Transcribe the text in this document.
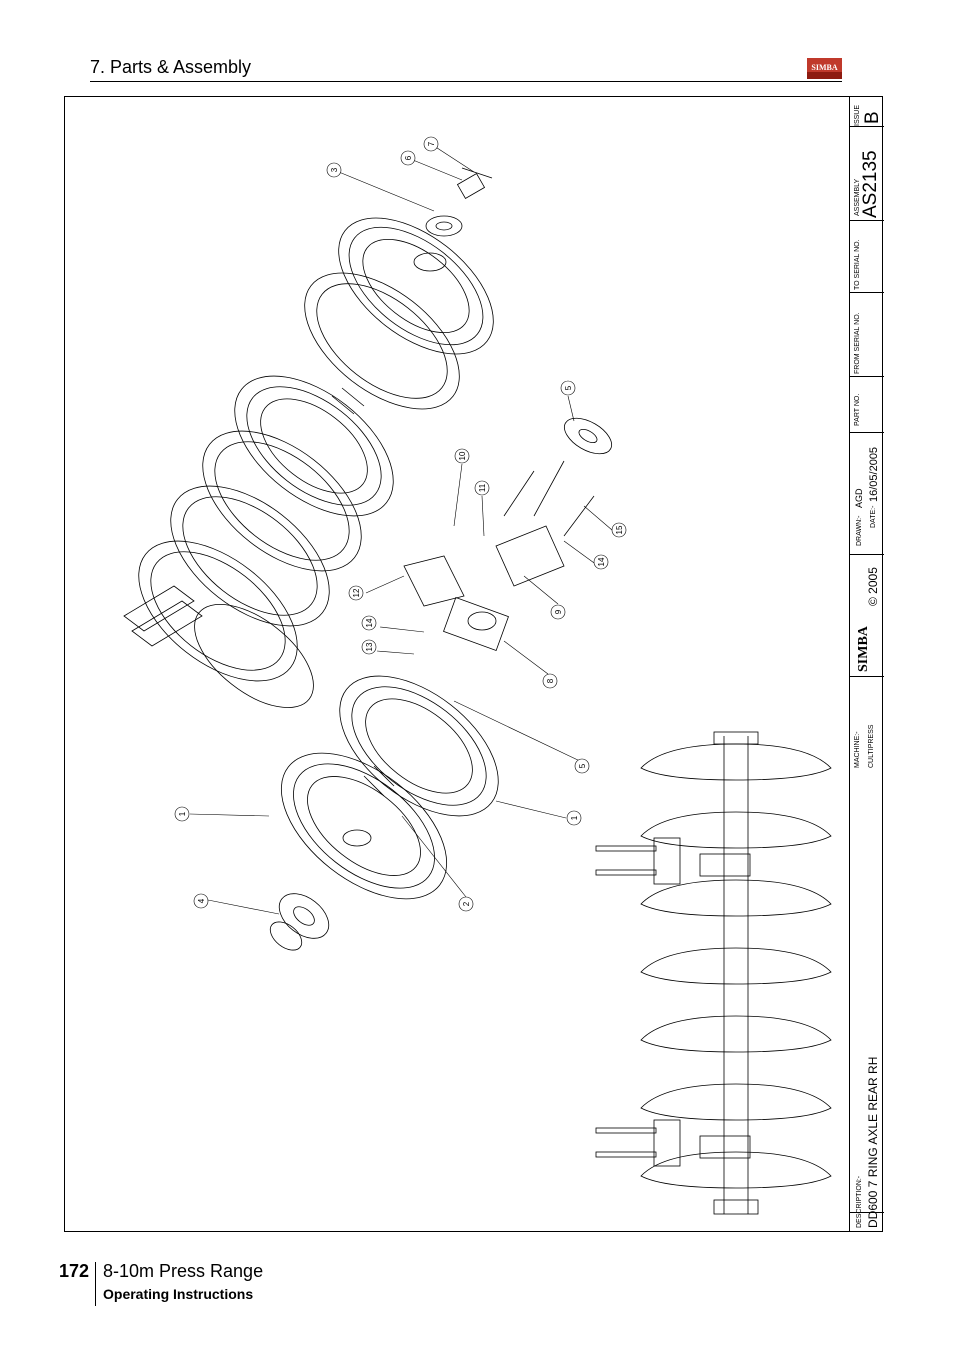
7. Parts & Assembly	SIMBA
1
1
2
3
4
5
5
6
7
8
9
10
11
12
13
14
14
15
ISSUE B
ASSEMBLY AS2135
TO SERIAL NO.
FROM SERIAL NO.
PART NO.
DRAWN:-
AGD
DATE:-
16/05/2005
© 2005
SIMBA
MACHINE:- CULTIPRESS
DESCRIPTION:- DD600 7 RING AXLE REAR RH
172 8-10m Press Range
Operating Instructions
